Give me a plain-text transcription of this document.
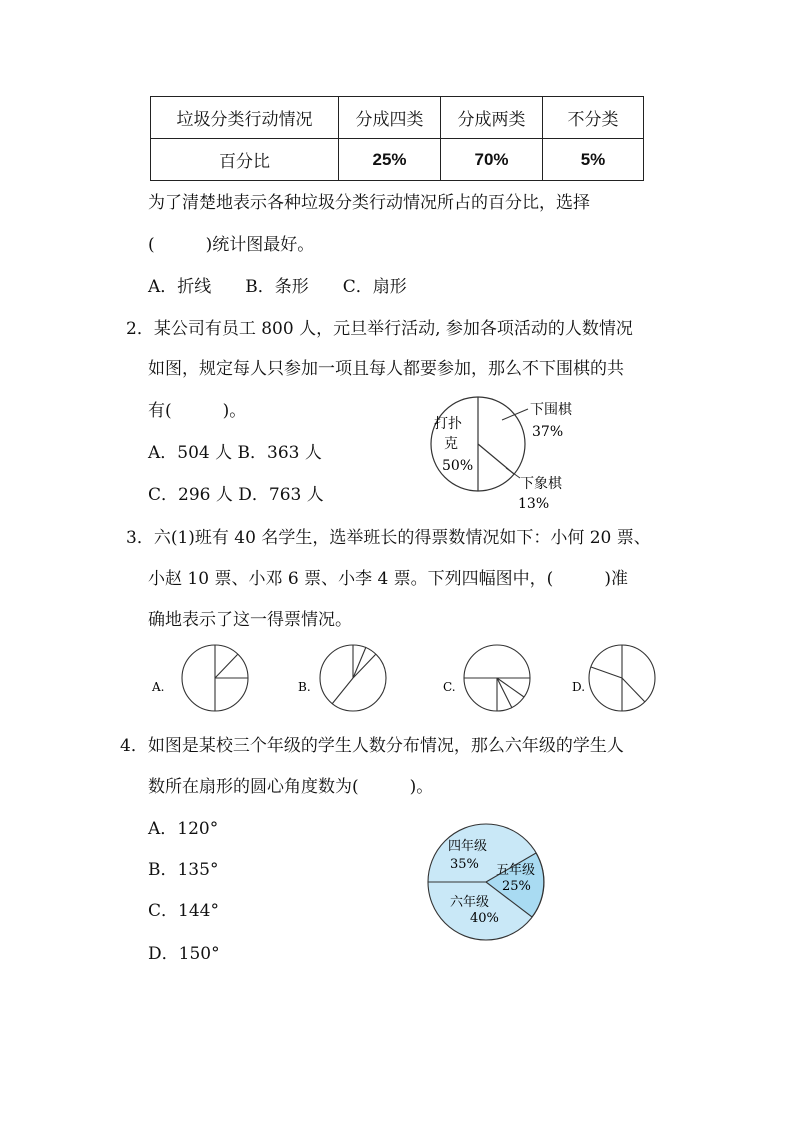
垃圾分类行动情况	分成四类	分成两类	不分类
百分比	25%	70%	5%
为了清楚地表示各种垃圾分类行动情况所占的百分比，选择
(　　　)统计图最好。
A．折线　　B．条形　　C．扇形
2．某公司有员工 800 人，元旦举行活动, 参加各项活动的人数情况
如图，规定每人只参加一项且每人都要参加，那么不下围棋的共
有(　　　)。
A．504 人 B．363 人
C．296 人 D．763 人
打扑
克
50%
下围棋
37%
下象棋
13%
3．六(1)班有 40 名学生，选举班长的得票数情况如下：小何 20 票、
小赵 10 票、小邓 6 票、小李 4 票。下列四幅图中，(　　　)准
确地表示了这一得票情况。
A.	B.	C.	D.
4．如图是某校三个年级的学生人数分布情况，那么六年级的学生人
数所在扇形的圆心角度数为(　　　)。
A．120°
B．135°
C．144°
D．150°
四年级
35% 五年级
25%
六年级
40%
